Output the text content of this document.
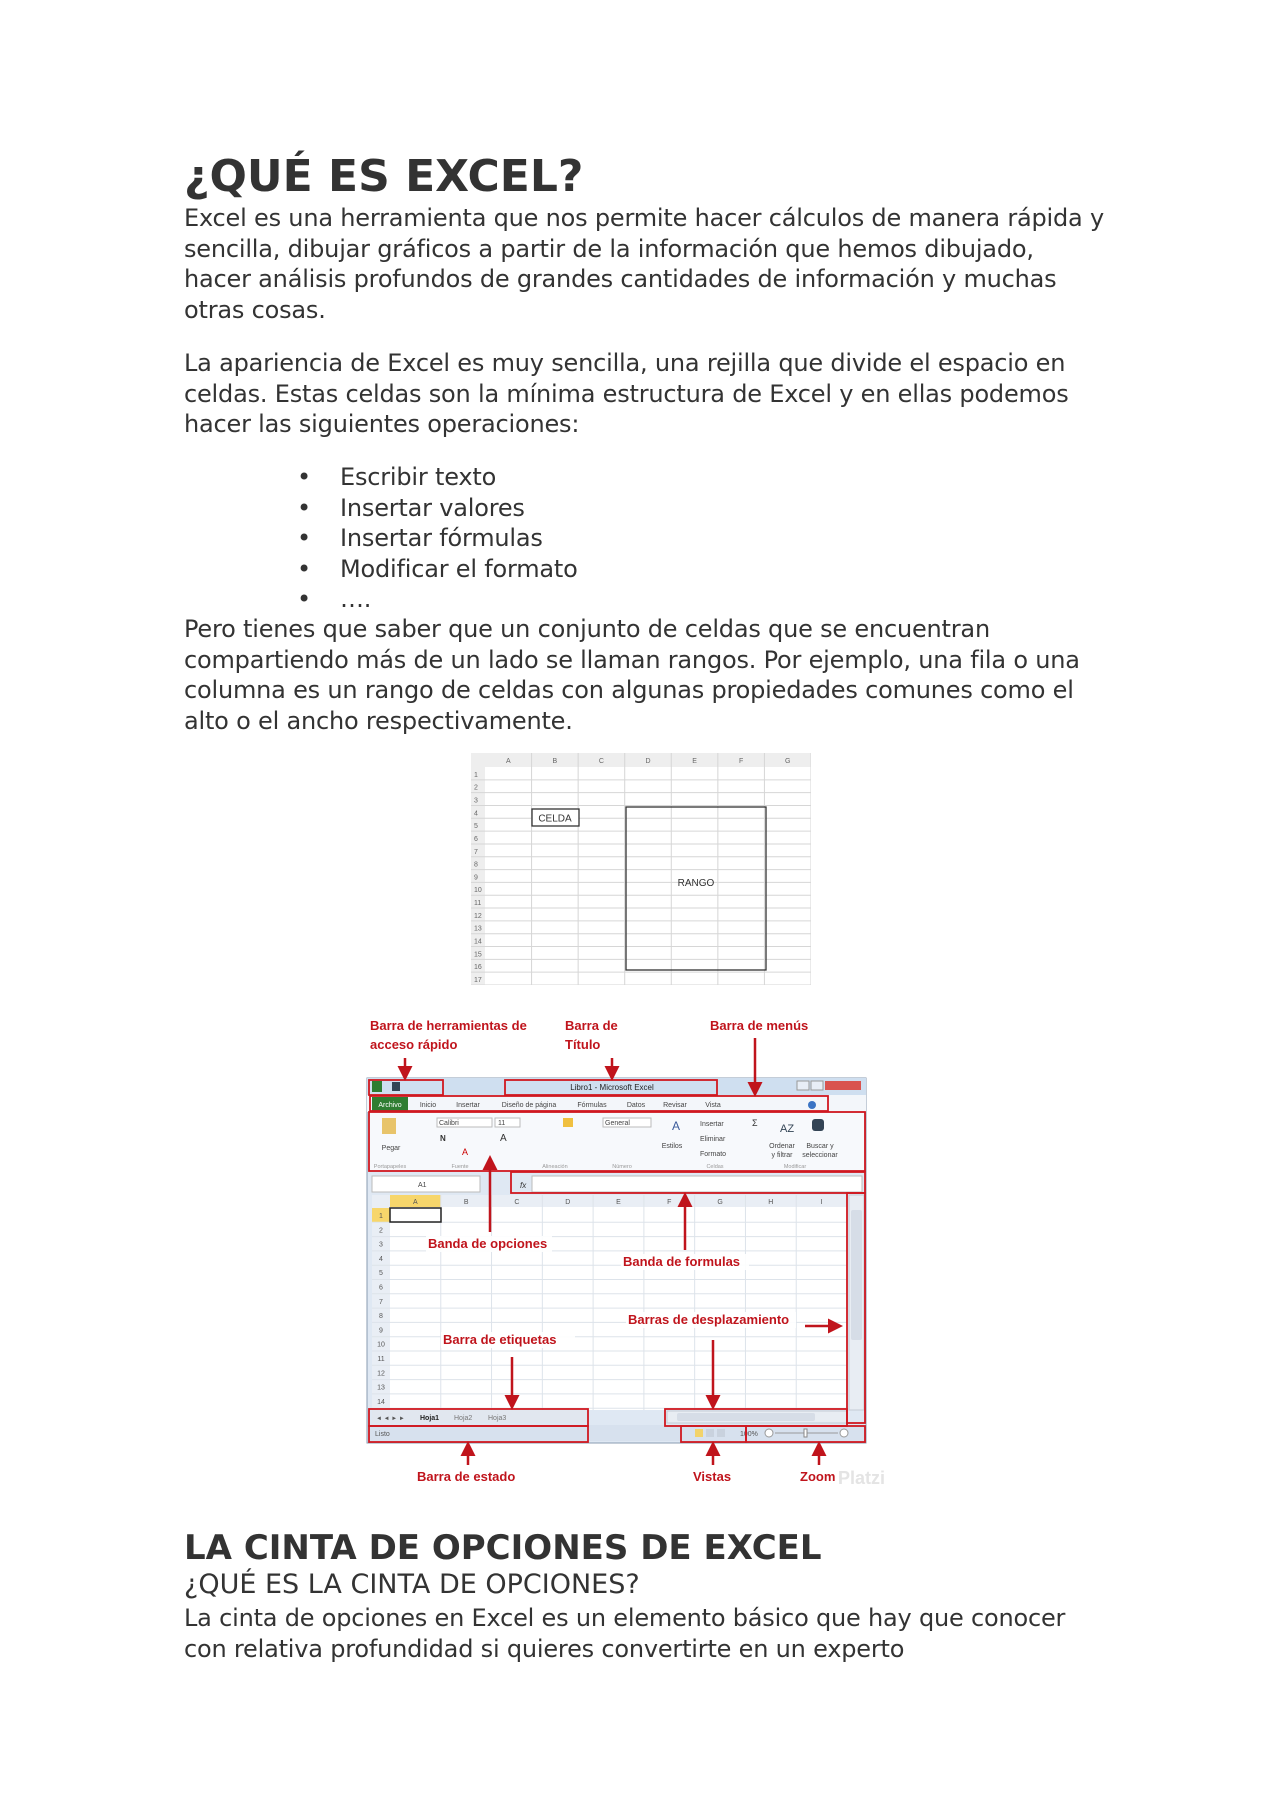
¿QUÉ ES EXCEL?

Excel es una herramienta que nos permite hacer cálculos de manera rápida y sencilla, dibujar gráficos a partir de la información que hemos dibujado, hacer análisis profundos de grandes cantidades de información y muchas otras cosas.

La apariencia de Excel es muy sencilla, una rejilla que divide el espacio en celdas. Estas celdas son la mínima estructura de Excel y en ellas podemos hacer las siguientes operaciones:

• Escribir texto
• Insertar valores
• Insertar fórmulas
• Modificar el formato
• ….

Pero tienes que saber que un conjunto de celdas que se encuentran compartiendo más de un lado se llaman rangos. Por ejemplo, una fila o una columna es un rango de celdas con algunas propiedades comunes como el alto o el ancho respectivamente.

A	B	C	D	E	F	G
1
2
3
4
5
6
7
8
9
10
11
12
13
14
15
16
17
CELDA
RANGO
Barra de herramientas de
acceso rápido
Barra de
Título
Barra de menús
Libro1 - Microsoft Excel
Archivo	Inicio	Insertar	Diseño de página	Fórmulas	Datos	Revisar	Vista
Pegar
Calibri	11
N	A
A
General	A
Estilos
Insertar
Eliminar
Formato
Σ AZ
Ordenar
y filtrar
Buscar y
seleccionar
Portapapeles	Fuente	Alineación	Número	Celdas	Modificar
A1	fx
A	B	C	D	E	F	G	H	I
1
2
3
4
5
6
7
8
9
10
11
12
13
14
◄ ◄ ► ► Hoja1 Hoja2 Hoja3
Listo	100%
Banda de opciones
Banda de formulas
Barras de desplazamiento
Barra de etiquetas
Barra de estado	Vistas	Zoom Platzi
LA CINTA DE OPCIONES DE EXCEL
¿QUÉ ES LA CINTA DE OPCIONES?

La cinta de opciones en Excel es un elemento básico que hay que conocer con relativa profundidad si quieres convertirte en un experto
